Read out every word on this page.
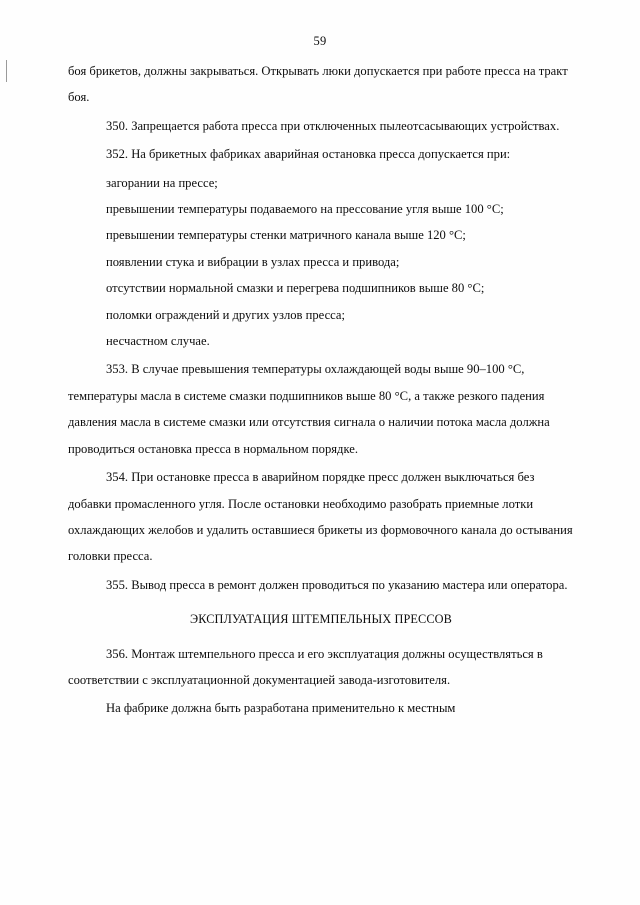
59

боя брикетов, должны закрываться. Открывать люки допускается при работе пресса на тракт боя.

350. Запрещается работа пресса при отключенных пылеотсасывающих устройствах.

352. На брикетных фабриках аварийная остановка пресса допускается при:

загорании на прессе;

превышении температуры подаваемого на прессование угля выше 100 °C;

превышении температуры стенки матричного канала выше 120 °C;

появлении стука и вибрации в узлах пресса и привода;

отсутствии нормальной смазки и перегрева подшипников выше 80 °C;

поломки ограждений и других узлов пресса;

несчастном случае.

353. В случае превышения температуры охлаждающей воды выше 90–100 °C, температуры масла в системе смазки подшипников выше 80 °C, а также резкого падения давления масла в системе смазки или отсутствия сигнала о наличии потока масла должна проводиться остановка пресса в нормальном порядке.

354. При остановке пресса в аварийном порядке пресс должен выключаться без добавки промасленного угля. После остановки необходимо разобрать приемные лотки охлаждающих желобов и удалить оставшиеся брикеты из формовочного канала до остывания головки пресса.

355. Вывод пресса в ремонт должен проводиться по указанию мастера или оператора.

ЭКСПЛУАТАЦИЯ ШТЕМПЕЛЬНЫХ ПРЕССОВ

356. Монтаж штемпельного пресса и его эксплуатация должны осуществляться в соответствии с эксплуатационной документацией завода-изготовителя.

На фабрике должна быть разработана применительно к местным
